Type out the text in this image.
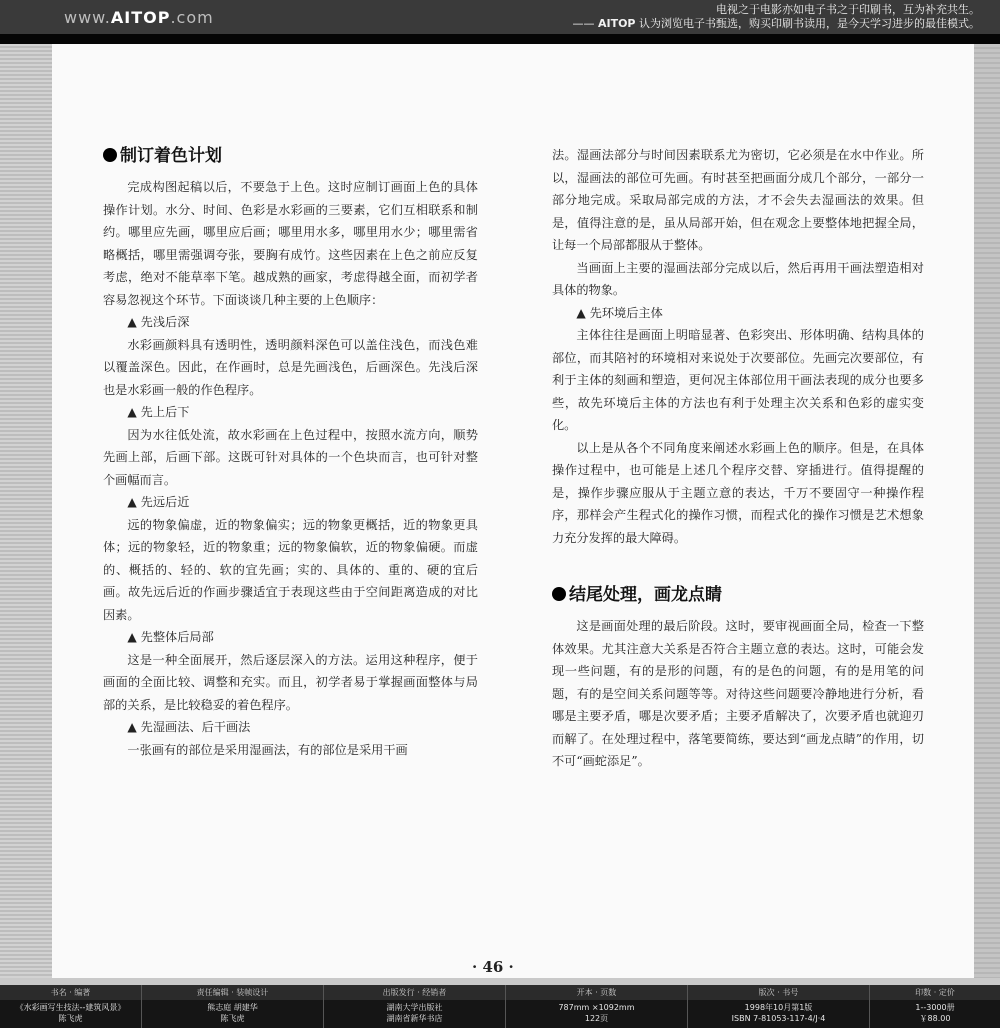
www.AITOP.com	电视之于电影亦如电子书之于印刷书，互为补充共生。
—— AITOP 认为浏览电子书甄选，购买印刷书读用，是今天学习进步的最佳模式。
制订着色计划

完成构图起稿以后，不要急于上色。这时应制订画面上色的具体操作计划。水分、时间、色彩是水彩画的三要素，它们互相联系和制约。哪里应先画，哪里应后画；哪里用水多，哪里用水少；哪里需省略概括，哪里需强调夸张，要胸有成竹。这些因素在上色之前应反复考虑，绝对不能草率下笔。越成熟的画家，考虑得越全面，而初学者容易忽视这个环节。下面谈谈几种主要的上色顺序：

▲ 先浅后深

水彩画颜料具有透明性，透明颜料深色可以盖住浅色，而浅色难以覆盖深色。因此，在作画时，总是先画浅色，后画深色。先浅后深也是水彩画一般的作色程序。

▲ 先上后下

因为水往低处流，故水彩画在上色过程中，按照水流方向，顺势先画上部，后画下部。这既可针对具体的一个色块而言，也可针对整个画幅而言。

▲ 先远后近

远的物象偏虚，近的物象偏实；远的物象更概括，近的物象更具体；远的物象轻，近的物象重；远的物象偏软，近的物象偏硬。而虚的、概括的、轻的、软的宜先画；实的、具体的、重的、硬的宜后画。故先远后近的作画步骤适宜于表现这些由于空间距离造成的对比因素。

▲ 先整体后局部

这是一种全面展开，然后逐层深入的方法。运用这种程序，便于画面的全面比较、调整和充实。而且，初学者易于掌握画面整体与局部的关系，是比较稳妥的着色程序。

▲ 先湿画法、后干画法

一张画有的部位是采用湿画法，有的部位是采用干画

法。湿画法部分与时间因素联系尤为密切，它必须是在水中作业。所以，湿画法的部位可先画。有时甚至把画面分成几个部分，一部分一部分地完成。采取局部完成的方法，才不会失去湿画法的效果。但是，值得注意的是，虽从局部开始，但在观念上要整体地把握全局，让每一个局部都服从于整体。

当画面上主要的湿画法部分完成以后，然后再用干画法塑造相对具体的物象。

▲ 先环境后主体

主体往往是画面上明暗显著、色彩突出、形体明确、结构具体的部位，而其陪衬的环境相对来说处于次要部位。先画完次要部位，有利于主体的刻画和塑造，更何况主体部位用干画法表现的成分也要多些，故先环境后主体的方法也有利于处理主次关系和色彩的虚实变化。

以上是从各个不同角度来阐述水彩画上色的顺序。但是，在具体操作过程中，也可能是上述几个程序交替、穿插进行。值得提醒的是，操作步骤应服从于主题立意的表达，千万不要固守一种操作程序，那样会产生程式化的操作习惯，而程式化的操作习惯是艺术想象力充分发挥的最大障碍。

结尾处理，画龙点睛

这是画面处理的最后阶段。这时，要审视画面全局，检查一下整体效果。尤其注意大关系是否符合主题立意的表达。这时，可能会发现一些问题，有的是形的问题，有的是色的问题，有的是用笔的问题，有的是空间关系问题等等。对待这些问题要冷静地进行分析，看哪是主要矛盾，哪是次要矛盾；主要矛盾解决了，次要矛盾也就迎刃而解了。在处理过程中，落笔要简练，要达到“画龙点睛”的作用，切不可“画蛇添足”。

· 46 ·
书名 · 编著
《水彩画写生技法--建筑风景》
陈飞虎
责任编辑 · 装帧设计
熊志庭 胡建华
陈飞虎
出版发行 · 经销者
湖南大学出版社
湖南省新华书店
开本 · 页数
787mm ×1092mm
122页
版次 · 书号
1998年10月第1版
ISBN 7-81053-117-4/J·4
印数 · 定价
1--3000册
￥88.00
